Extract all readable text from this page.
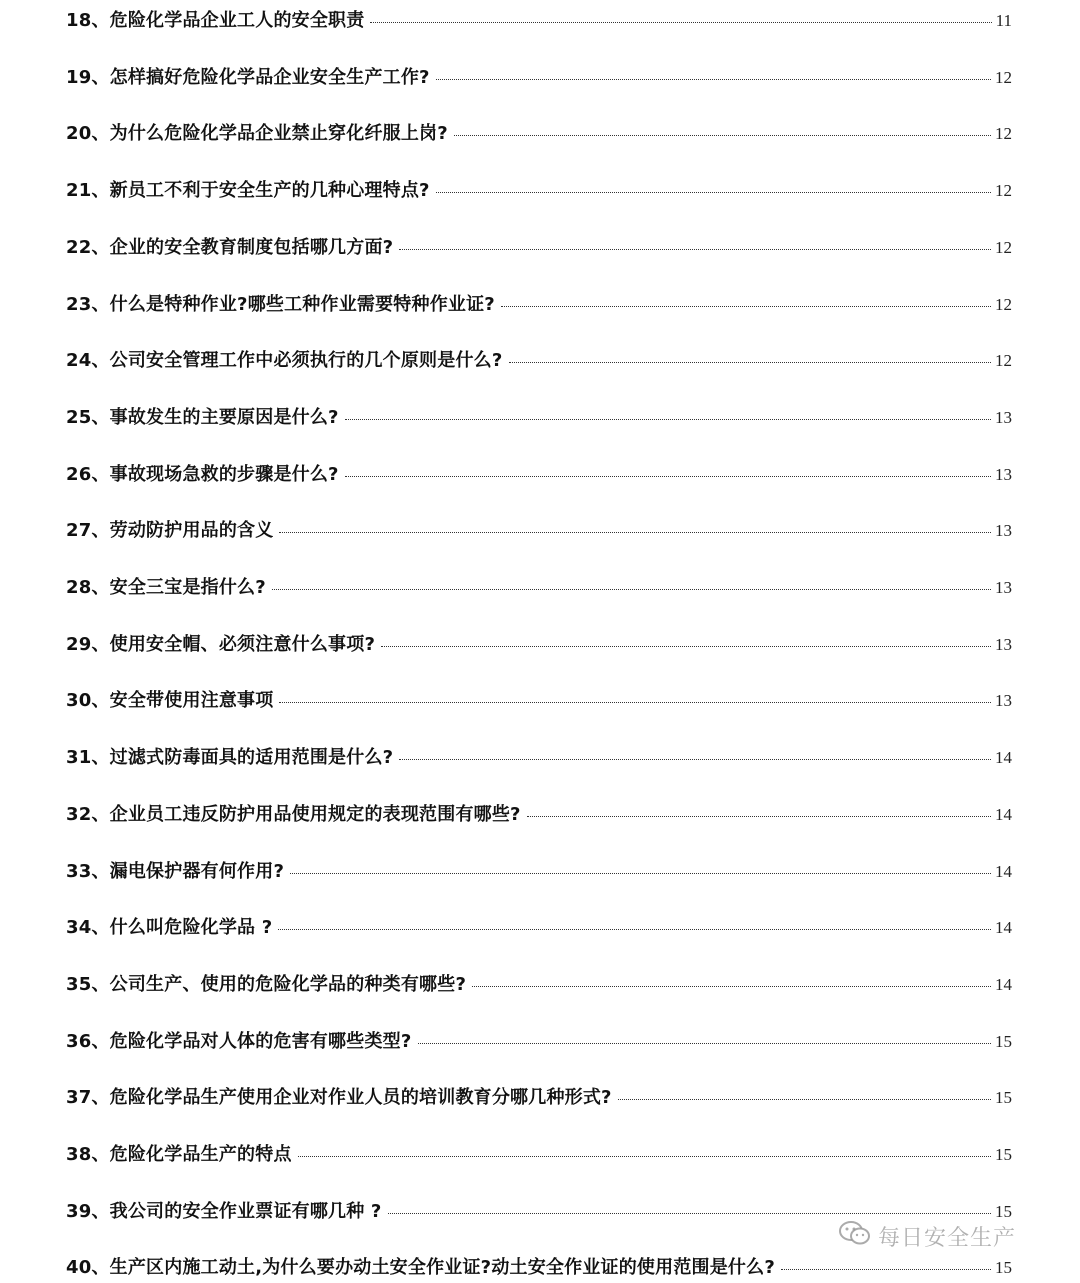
18、危险化学品企业工人的安全职责	11
19、怎样搞好危险化学品企业安全生产工作?	12
20、为什么危险化学品企业禁止穿化纤服上岗?	12
21、新员工不利于安全生产的几种心理特点?	12
22、企业的安全教育制度包括哪几方面?	12
23、什么是特种作业?哪些工种作业需要特种作业证?	12
24、公司安全管理工作中必须执行的几个原则是什么?	12
25、事故发生的主要原因是什么?	13
26、事故现场急救的步骤是什么?	13
27、劳动防护用品的含义	13
28、安全三宝是指什么?	13
29、使用安全帽、必须注意什么事项?	13
30、安全带使用注意事项	13
31、过滤式防毒面具的适用范围是什么?	14
32、企业员工违反防护用品使用规定的表现范围有哪些?	14
33、漏电保护器有何作用?	14
34、什么叫危险化学品 ?	14
35、公司生产、使用的危险化学品的种类有哪些?	14
36、危险化学品对人体的危害有哪些类型?	15
37、危险化学品生产使用企业对作业人员的培训教育分哪几种形式?	15
38、危险化学品生产的特点	15
39、我公司的安全作业票证有哪几种 ?	15
40、生产区内施工动土,为什么要办动土安全作业证?动土安全作业证的使用范围是什么?	15
每日安全生产
